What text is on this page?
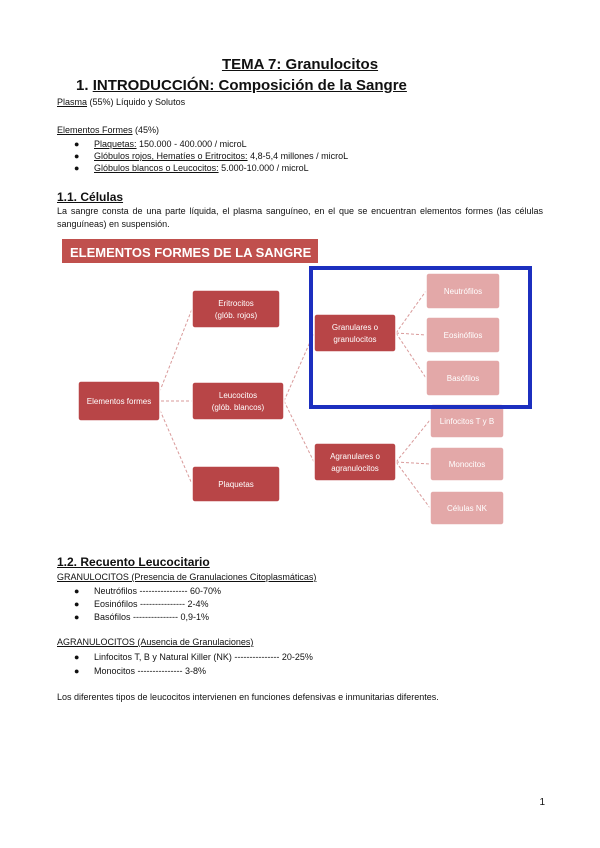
TEMA 7: Granulocitos
1. INTRODUCCIÓN: Composición de la Sangre
Plasma (55%) Líquido y Solutos
Elementos Formes (45%)
● Plaquetas: 150.000 - 400.000 / microL
● Glóbulos rojos, Hematíes o Eritrocitos: 4,8-5,4 millones / microL
● Glóbulos blancos o Leucocitos: 5.000-10.000 / microL
1.1. Células
La sangre consta de una parte líquida, el plasma sanguíneo, en el que se encuentran elementos formes (las células sanguíneas) en suspensión.
ELEMENTOS FORMES DE LA SANGRE
Elementos formes
Eritrocitos
(glób. rojos)
Leucocitos
(glób. blancos)
Plaquetas
Granulares o
granulocitos
Agranulares o
agranulocitos
Neutrófilos
Eosinófilos
Basófilos
Linfocitos T y B
Monocitos
Células NK
1.2. Recuento Leucocitario
GRANULOCITOS (Presencia de Granulaciones Citoplasmáticas)
● Neutrófilos ---------------- 60-70%
● Eosinófilos --------------- 2-4%
● Basófilos --------------- 0,9-1%
AGRANULOCITOS (Ausencia de Granulaciones)
● Linfocitos T, B y Natural Killer (NK) --------------- 20-25%
● Monocitos --------------- 3-8%
Los diferentes tipos de leucocitos intervienen en funciones defensivas e inmunitarias diferentes.
1
